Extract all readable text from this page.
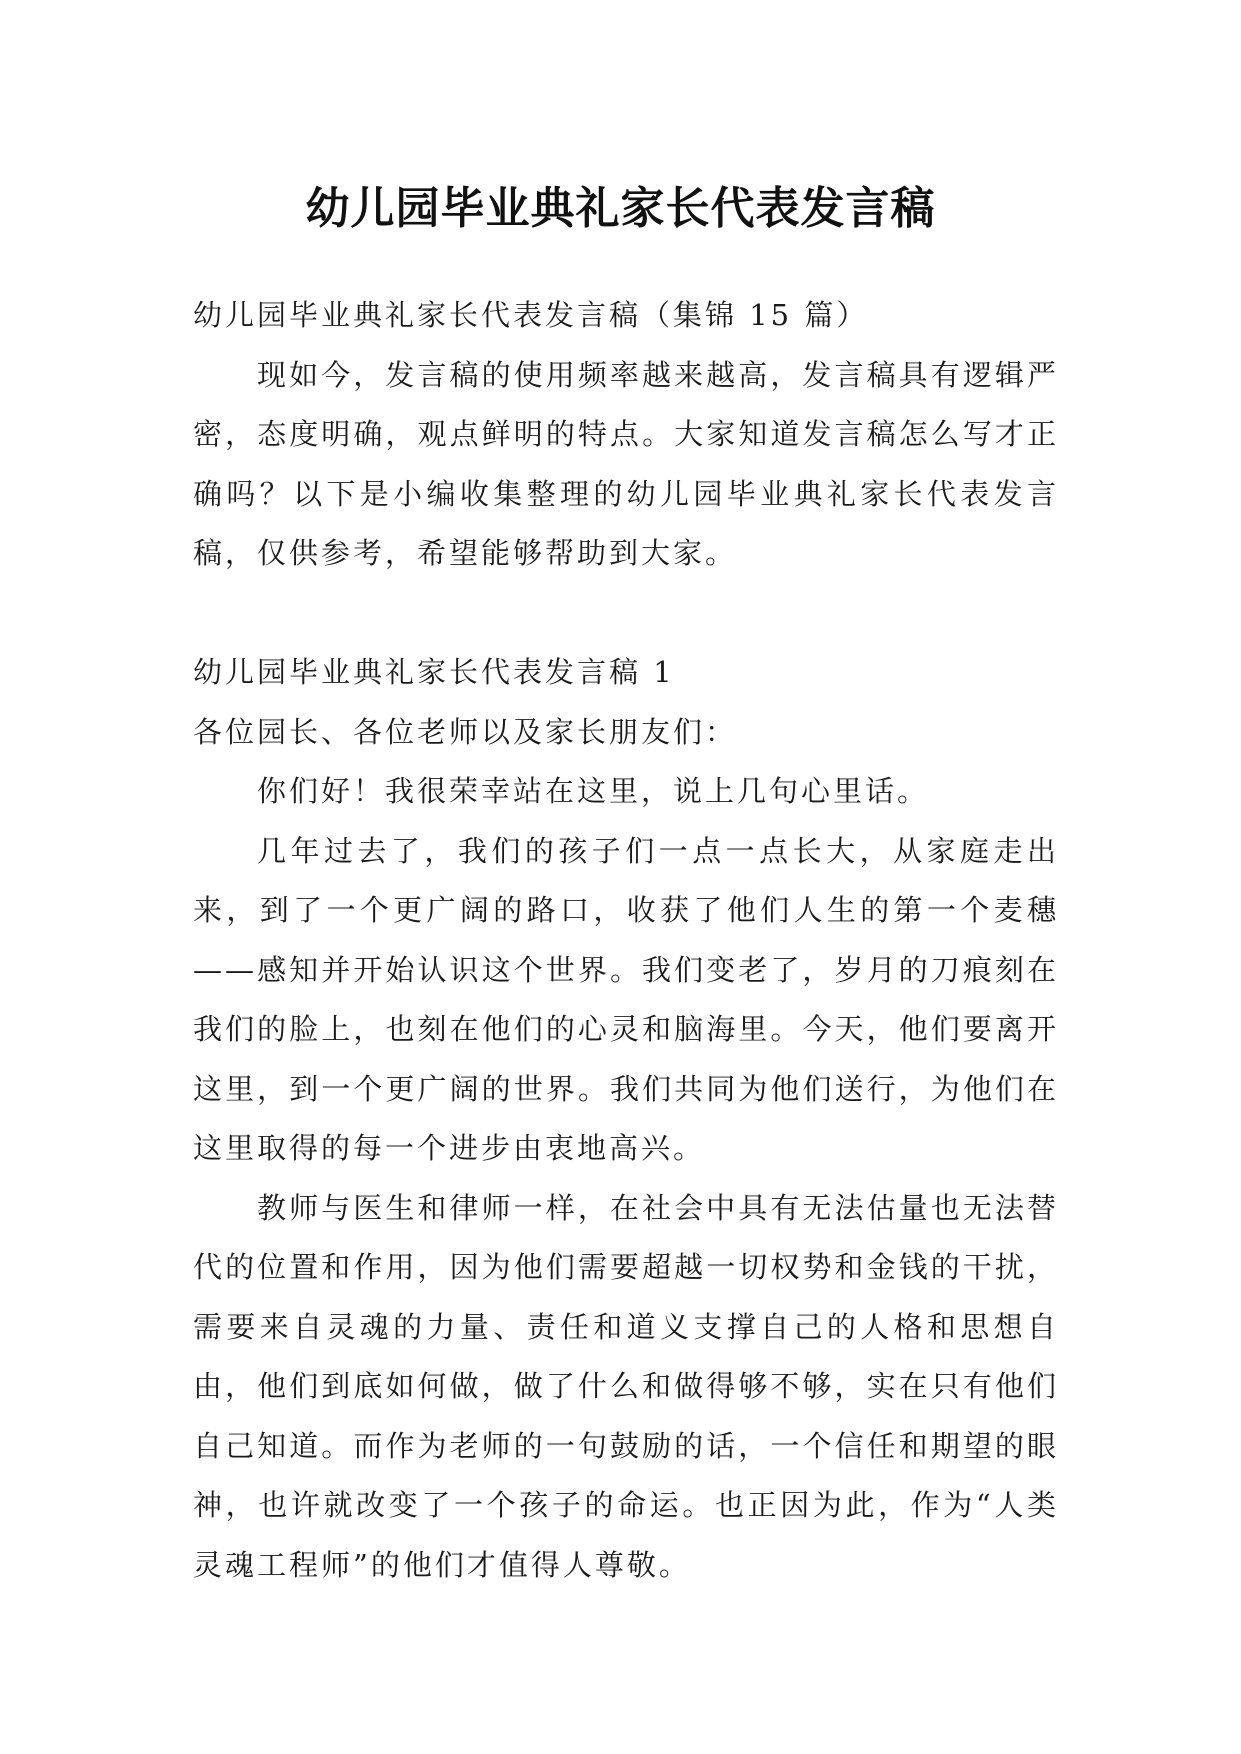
幼儿园毕业典礼家长代表发言稿

幼儿园毕业典礼家长代表发言稿（集锦 15 篇）

现如今，发言稿的使用频率越来越高，发言稿具有逻辑严密，态度明确，观点鲜明的特点。大家知道发言稿怎么写才正确吗？以下是小编收集整理的幼儿园毕业典礼家长代表发言稿，仅供参考，希望能够帮助到大家。

幼儿园毕业典礼家长代表发言稿 1

各位园长、各位老师以及家长朋友们：

你们好！我很荣幸站在这里，说上几句心里话。

几年过去了，我们的孩子们一点一点长大，从家庭走出来，到了一个更广阔的路口，收获了他们人生的第一个麦穗——感知并开始认识这个世界。我们变老了，岁月的刀痕刻在我们的脸上，也刻在他们的心灵和脑海里。今天，他们要离开这里，到一个更广阔的世界。我们共同为他们送行，为他们在这里取得的每一个进步由衷地高兴。

教师与医生和律师一样，在社会中具有无法估量也无法替代的位置和作用，因为他们需要超越一切权势和金钱的干扰，需要来自灵魂的力量、责任和道义支撑自己的人格和思想自由，他们到底如何做，做了什么和做得够不够，实在只有他们自己知道。而作为老师的一句鼓励的话，一个信任和期望的眼神，也许就改变了一个孩子的命运。也正因为此，作为“人类灵魂工程师”的他们才值得人尊敬。
